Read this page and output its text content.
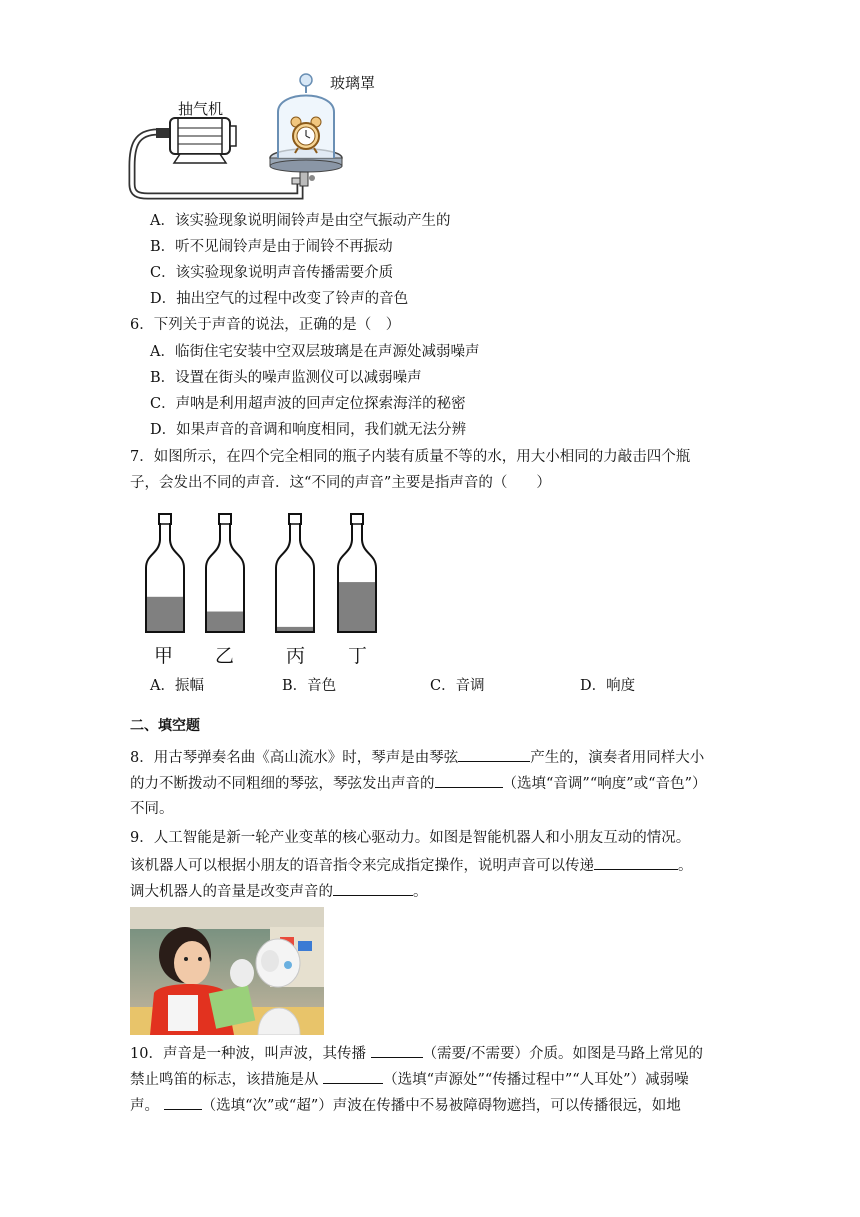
抽气机
玻璃罩
A．该实验现象说明闹铃声是由空气振动产生的
B．听不见闹铃声是由于闹铃不再振动
C．该实验现象说明声音传播需要介质
D．抽出空气的过程中改变了铃声的音色
6．下列关于声音的说法，正确的是（　）
A．临街住宅安装中空双层玻璃是在声源处减弱噪声
B．设置在街头的噪声监测仪可以减弱噪声
C．声呐是利用超声波的回声定位探索海洋的秘密
D．如果声音的音调和响度相同，我们就无法分辨
7．如图所示，在四个完全相同的瓶子内装有质量不等的水，用大小相同的力敲击四个瓶
子，会发出不同的声音．这“不同的声音”主要是指声音的（　　）
甲 乙	丙 丁
A．振幅	B．音色	C．音调	D．响度
二、填空题
8．用古琴弹奏名曲《高山流水》时，琴声是由琴弦	产生的，演奏者用同样大小
的力不断拨动不同粗细的琴弦，琴弦发出声音的	（选填“音调”“响度”或“音色”）
不同。
9．人工智能是新一轮产业变革的核心驱动力。如图是智能机器人和小朋友互动的情况。
该机器人可以根据小朋友的语音指令来完成指定操作，说明声音可以传递	。
调大机器人的音量是改变声音的	。
10．声音是一种波，叫声波，其传播	（需要/不需要）介质。如图是马路上常见的
禁止鸣笛的标志，该措施是从	（选填“声源处”“传播过程中”“人耳处”）减弱噪
声。	（选填“次”或“超”）声波在传播中不易被障碍物遮挡，可以传播很远，如地
